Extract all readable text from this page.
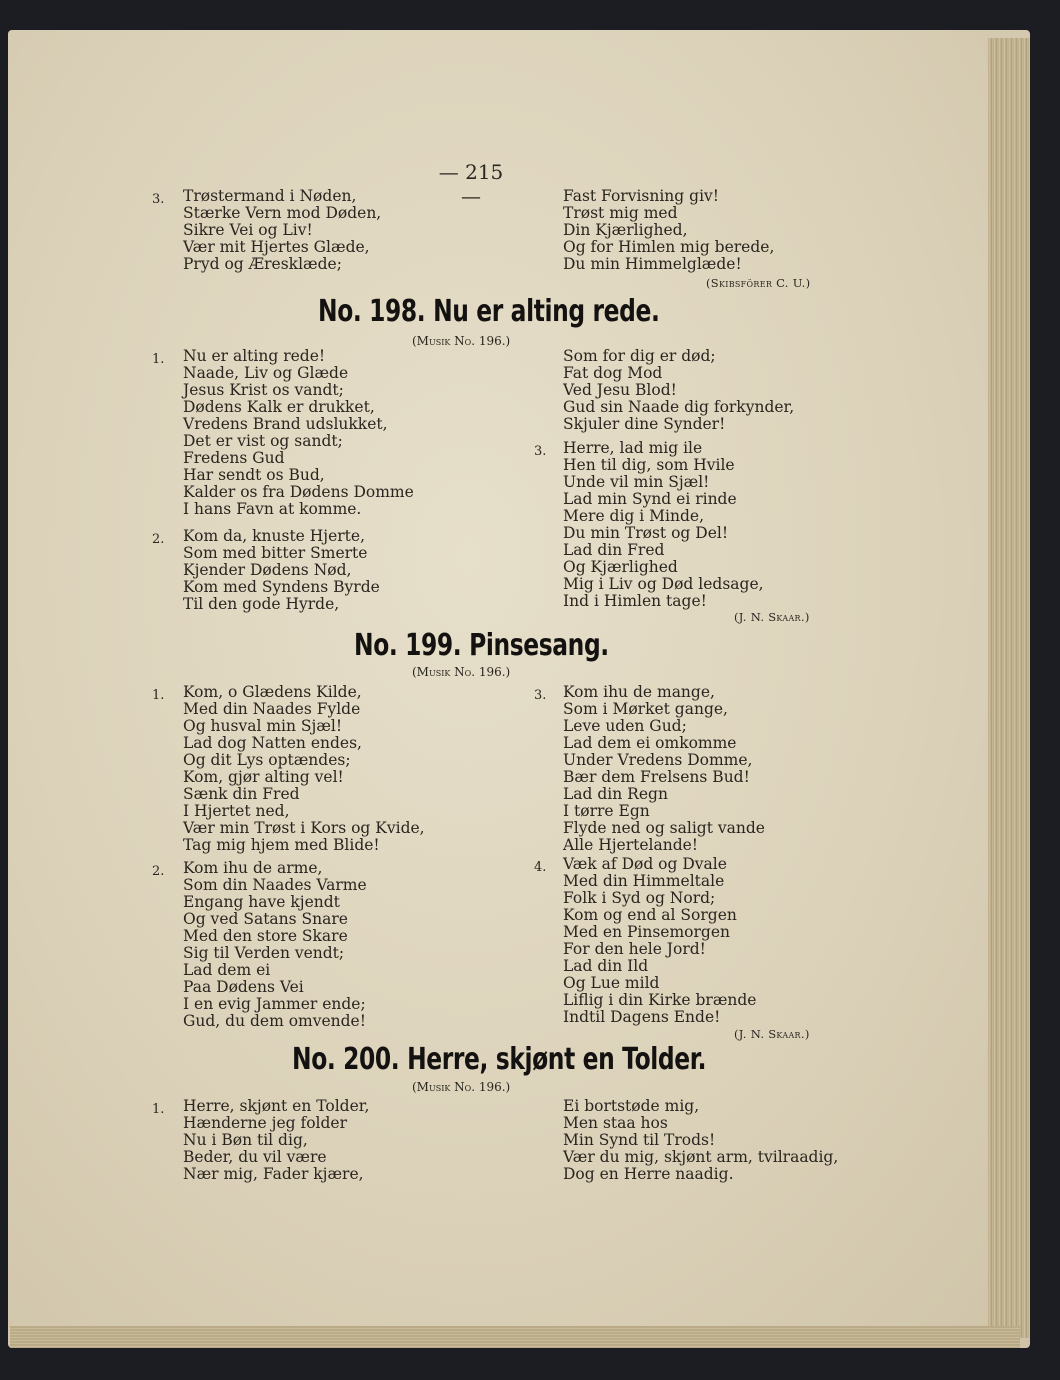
— 215 —
3. Trøstermand i Nøden,
Stærke Vern mod Døden,
Sikre Vei og Liv!
Vær mit Hjertes Glæde,
Pryd og Æresklæde;
Fast Forvisning giv!
Trøst mig med
Din Kjærlighed,
Og for Himlen mig berede,
Du min Himmelglæde!
(Skibsförer C. U.)
No. 198. Nu er alting rede.
(Musik No. 196.)
1. Nu er alting rede!
Naade, Liv og Glæde
Jesus Krist os vandt;
Dødens Kalk er drukket,
Vredens Brand udslukket,
Det er vist og sandt;
Fredens Gud
Har sendt os Bud,
Kalder os fra Dødens Domme
I hans Favn at komme.
2. Kom da, knuste Hjerte,
Som med bitter Smerte
Kjender Dødens Nød,
Kom med Syndens Byrde
Til den gode Hyrde,
Som for dig er død;
Fat dog Mod
Ved Jesu Blod!
Gud sin Naade dig forkynder,
Skjuler dine Synder!
3. Herre, lad mig ile
Hen til dig, som Hvile
Unde vil min Sjæl!
Lad min Synd ei rinde
Mere dig i Minde,
Du min Trøst og Del!
Lad din Fred
Og Kjærlighed
Mig i Liv og Død ledsage,
Ind i Himlen tage!
(J. N. Skaar.)
No. 199. Pinsesang.
(Musik No. 196.)
1. Kom, o Glædens Kilde,
Med din Naades Fylde
Og husval min Sjæl!
Lad dog Natten endes,
Og dit Lys optændes;
Kom, gjør alting vel!
Sænk din Fred
I Hjertet ned,
Vær min Trøst i Kors og Kvide,
Tag mig hjem med Blide!
2. Kom ihu de arme,
Som din Naades Varme
Engang have kjendt
Og ved Satans Snare
Med den store Skare
Sig til Verden vendt;
Lad dem ei
Paa Dødens Vei
I en evig Jammer ende;
Gud, du dem omvende!
3. Kom ihu de mange,
Som i Mørket gange,
Leve uden Gud;
Lad dem ei omkomme
Under Vredens Domme,
Bær dem Frelsens Bud!
Lad din Regn
I tørre Egn
Flyde ned og saligt vande
Alle Hjertelande!
4. Væk af Død og Dvale
Med din Himmeltale
Folk i Syd og Nord;
Kom og end al Sorgen
Med en Pinsemorgen
For den hele Jord!
Lad din Ild
Og Lue mild
Liflig i din Kirke brænde
Indtil Dagens Ende!
(J. N. Skaar.)
No. 200. Herre, skjønt en Tolder.
(Musik No. 196.)
1. Herre, skjønt en Tolder,
Hænderne jeg folder
Nu i Bøn til dig,
Beder, du vil være
Nær mig, Fader kjære,
Ei bortstøde mig,
Men staa hos
Min Synd til Trods!
Vær du mig, skjønt arm, tvilraadig,
Dog en Herre naadig.
